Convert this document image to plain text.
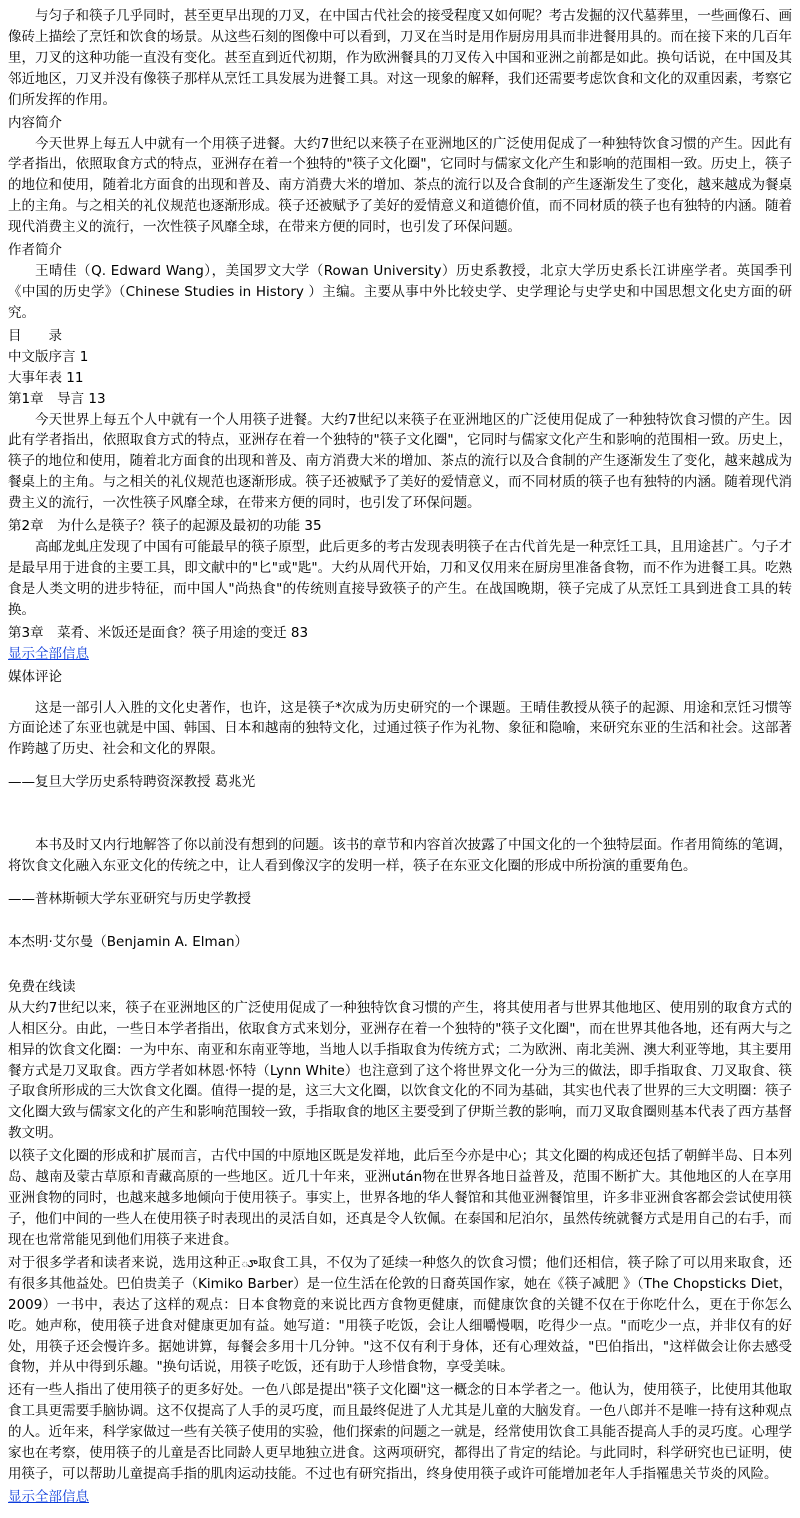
与匀子和筷子几乎同时，甚至更早出现的刀叉，在中国古代社会的接受程度又如何呢？考古发掘的汉代墓葬里，一些画像石、画像砖上描绘了烹饪和饮食的场景。从这些石刻的图像中可以看到，刀叉在当时是用作厨房用具而非进餐用具的。而在接下来的几百年里，刀叉的这种功能一直没有变化。甚至直到近代初期，作为欧洲餐具的刀叉传入中国和亚洲之前都是如此。换句话说，在中国及其邻近地区，刀叉并没有像筷子那样从烹饪工具发展为进餐工具。对这一现象的解释，我们还需要考虑饮食和文化的双重因素，考察它们所发挥的作用。

内容简介

今天世界上每五人中就有一个用筷子进餐。大约7世纪以来筷子在亚洲地区的广泛使用促成了一种独特饮食习惯的产生。因此有学者指出，依照取食方式的特点，亚洲存在着一个独特的"筷子文化圈"，它同时与儒家文化产生和影响的范围相一致。历史上，筷子的地位和使用，随着北方面食的出现和普及、南方消费大米的增加、茶点的流行以及合食制的产生逐渐发生了变化，越来越成为餐桌上的主角。与之相关的礼仪规范也逐渐形成。筷子还被赋予了美好的爱情意义和道德价值，而不同材质的筷子也有独特的内涵。随着现代消费主义的流行，一次性筷子风靡全球，在带来方便的同时，也引发了环保问题。

作者简介

王晴佳（Q. Edward Wang），美国罗文大学（Rowan University）历史系教授，北京大学历史系长江讲座学者。英国季刊《中国的历史学》（Chinese Studies in History ）主编。主要从事中外比较史学、史学理论与史学史和中国思想文化史方面的研究。

目　　录

中文版序言 1

大事年表 11

第1章　导言 13

今天世界上每五个人中就有一个人用筷子进餐。大约7世纪以来筷子在亚洲地区的广泛使用促成了一种独特饮食习惯的产生。因此有学者指出，依照取食方式的特点，亚洲存在着一个独特的"筷子文化圈"，它同时与儒家文化产生和影响的范围相一致。历史上，筷子的地位和使用，随着北方面食的出现和普及、南方消费大米的增加、茶点的流行以及合食制的产生逐渐发生了变化，越来越成为餐桌上的主角。与之相关的礼仪规范也逐渐形成。筷子还被赋予了美好的爱情意义，而不同材质的筷子也有独特的内涵。随着现代消费主义的流行，一次性筷子风靡全球，在带来方便的同时，也引发了环保问题。

第2章　为什么是筷子？筷子的起源及最初的功能 35

高邮龙虬庄发现了中国有可能最早的筷子原型，此后更多的考古发现表明筷子在古代首先是一种烹饪工具，且用途甚广。勺子才是最早用于进食的主要工具，即文献中的"匕"或"匙"。大约从周代开始，刀和叉仅用来在厨房里准备食物，而不作为进餐工具。吃熟食是人类文明的进步特征，而中国人"尚热食"的传统则直接导致筷子的产生。在战国晚期，筷子完成了从烹饪工具到进食工具的转换。

第3章　菜肴、米饭还是面食？筷子用途的变迁 83

显示全部信息

媒体评论

这是一部引人入胜的文化史著作，也许，这是筷子*次成为历史研究的一个课题。王晴佳教授从筷子的起源、用途和烹饪习惯等方面论述了东亚也就是中国、韩国、日本和越南的独特文化，过通过筷子作为礼物、象征和隐喻，来研究东亚的生活和社会。这部著作跨越了历史、社会和文化的界限。

——复旦大学历史系特聘资深教授 葛兆光

本书及时又内行地解答了你以前没有想到的问题。该书的章节和内容首次披露了中国文化的一个独特层面。作者用简练的笔调，将饮食文化融入东亚文化的传统之中，让人看到像汉字的发明一样，筷子在东亚文化圈的形成中所扮演的重要角色。

——普林斯顿大学东亚研究与历史学教授

本杰明·艾尔曼（Benjamin A. Elman）

免费在线读

从大约7世纪以来，筷子在亚洲地区的广泛使用促成了一种独特饮食习惯的产生，将其使用者与世界其他地区、使用别的取食方式的人相区分。由此，一些日本学者指出，依取食方式来划分，亚洲存在着一个独特的"筷子文化圈"，而在世界其他各地，还有两大与之相异的饮食文化圈：一为中东、南亚和东南亚等地，当地人以手指取食为传统方式；二为欧洲、南北美洲、澳大利亚等地，其主要用餐方式是刀叉取食。西方学者如林恩·怀特（Lynn White）也注意到了这个将世界文化一分为三的做法，即手指取食、刀叉取食、筷子取食所形成的三大饮食文化圈。值得一提的是，这三大文化圈，以饮食文化的不同为基础，其实也代表了世界的三大文明圈：筷子文化圈大致与儒家文化的产生和影响范围较一致，手指取食的地区主要受到了伊斯兰教的影响，而刀叉取食圈则基本代表了西方基督教文明。

以筷子文化圈的形成和扩展而言，古代中国的中原地区既是发祥地，此后至今亦是中心；其文化圈的构成还包括了朝鲜半岛、日本列岛、越南及蒙古草原和青藏高原的一些地区。近几十年来，亚洲után物在世界各地日益普及，范围不断扩大。其他地区的人在享用亚洲食物的同时，也越来越多地倾向于使用筷子。事实上，世界各地的华人餐馆和其他亚洲餐馆里，许多非亚洲食客都会尝试使用筷子，他们中间的一些人在使用筷子时表现出的灵活自如，还真是令人钦佩。在泰国和尼泊尔，虽然传统就餐方式是用自己的右手，而现在也常常能见到他们用筷子来进食。

对于很多学者和读者来说，选用这种正ూ取食工具，不仅为了延续一种悠久的饮食习惯；他们还相信，筷子除了可以用来取食，还有很多其他益处。巴伯贵美子（Kimiko Barber）是一位生活在伦敦的日裔英国作家，她在《筷子减肥 》（The Chopsticks Diet，2009）一书中，表达了这样的观点：日本食物竟的来说比西方食物更健康，而健康饮食的关键不仅在于你吃什么，更在于你怎么吃。她声称，使用筷子进食对健康更加有益。她写道："用筷子吃饭，会让人细嚼慢咽，吃得少一点。"而吃少一点，并非仅有的好处，用筷子还会慢许多。据她讲算，每餐会多用十几分钟。"这不仅有利于身体，还有心理效益，"巴伯指出，"这样做会让你去感受食物，并从中得到乐趣。"换句话说，用筷子吃饭，还有助于人珍惜食物，享受美味。

还有一些人指出了使用筷子的更多好处。一色八郎是提出"筷子文化圈"这一概念的日本学者之一。他认为，使用筷子，比使用其他取食工具更需要手脑协调。这不仅提高了人手的灵巧度，而且最终促进了人尤其是儿童的大脑发育。一色八郎并不是唯一持有这种观点的人。近年来，科学家做过一些有关筷子使用的实验，他们探索的问题之一就是，经常使用饮食工具能否提高人手的灵巧度。心理学家也在考察，使用筷子的儿童是否比同龄人更早地独立进食。这两项研究，都得出了肯定的结论。与此同时，科学研究也已证明，使用筷子，可以帮助儿童提高手指的肌肉运动技能。不过也有研究指出，终身使用筷子或许可能增加老年人手指罹患关节炎的风险。

显示全部信息
